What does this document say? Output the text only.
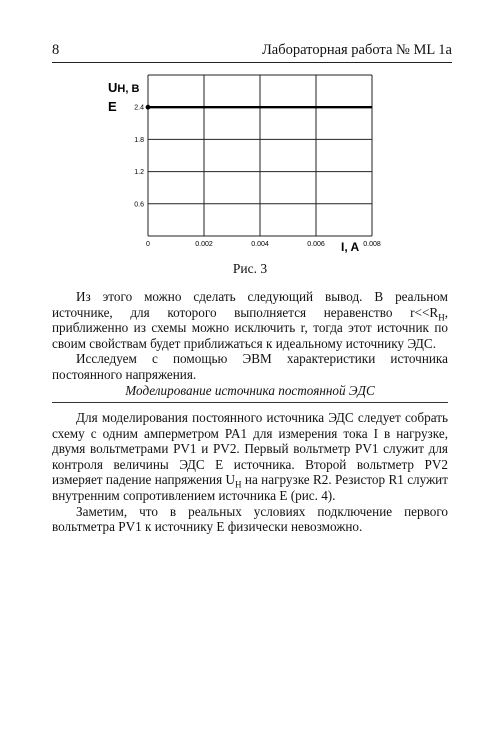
8	Лабораторная работа № ML 1a
0	0.002	0.004	0.006	0.008
0.6
1.2
1.8
2.4
UH, B
E
I, A
Рис. 3

Из этого можно сделать следующий вывод. В реальном источнике, для которого выполняется неравенство $r<<R_Н$, приближенно из схемы можно исключить r, тогда этот источник по своим свойствам будет приближаться к идеальному источнику ЭДС.

Исследуем с помощью ЭВМ характеристики источника постоянного напряжения.

Моделирование источника постоянной ЭДС

Для моделирования постоянного источника ЭДС следует собрать схему с одним амперметром PA1 для измерения тока I в нагрузке, двумя вольтметрами PV1 и PV2. Первый вольтметр PV1 служит для контроля величины ЭДС E источника. Второй вольтметр PV2 измеряет падение напряжения $U_Н$ на нагрузке R2. Резистор R1 служит внутренним сопротивлением источника E (рис. 4).

Заметим, что в реальных условиях подключение первого вольтметра PV1 к источнику E физически невозможно.
